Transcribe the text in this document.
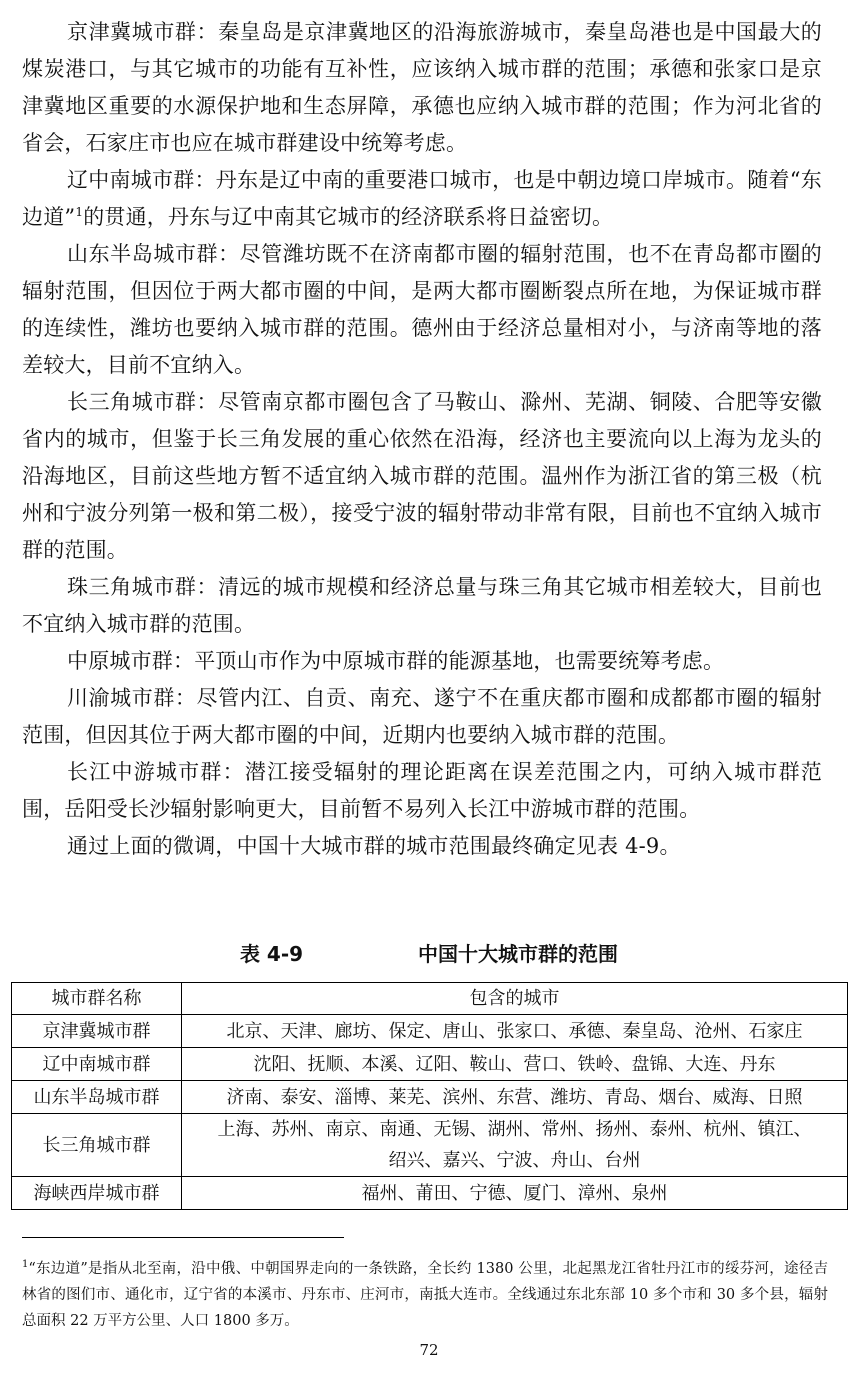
京津冀城市群：秦皇岛是京津冀地区的沿海旅游城市，秦皇岛港也是中国最大的煤炭港口，与其它城市的功能有互补性，应该纳入城市群的范围；承德和张家口是京津冀地区重要的水源保护地和生态屏障，承德也应纳入城市群的范围；作为河北省的省会，石家庄市也应在城市群建设中统筹考虑。

辽中南城市群：丹东是辽中南的重要港口城市，也是中朝边境口岸城市。随着“东边道”$^1$的贯通，丹东与辽中南其它城市的经济联系将日益密切。

山东半岛城市群：尽管潍坊既不在济南都市圈的辐射范围，也不在青岛都市圈的辐射范围，但因位于两大都市圈的中间，是两大都市圈断裂点所在地，为保证城市群的连续性，潍坊也要纳入城市群的范围。德州由于经济总量相对小，与济南等地的落差较大，目前不宜纳入。

长三角城市群：尽管南京都市圈包含了马鞍山、滁州、芜湖、铜陵、合肥等安徽省内的城市，但鉴于长三角发展的重心依然在沿海，经济也主要流向以上海为龙头的沿海地区，目前这些地方暂不适宜纳入城市群的范围。温州作为浙江省的第三极（杭州和宁波分列第一极和第二极），接受宁波的辐射带动非常有限，目前也不宜纳入城市群的范围。

珠三角城市群：清远的城市规模和经济总量与珠三角其它城市相差较大，目前也不宜纳入城市群的范围。

中原城市群：平顶山市作为中原城市群的能源基地，也需要统筹考虑。

川渝城市群：尽管内江、自贡、南充、遂宁不在重庆都市圈和成都都市圈的辐射范围，但因其位于两大都市圈的中间，近期内也要纳入城市群的范围。

长江中游城市群：潜江接受辐射的理论距离在误差范围之内，可纳入城市群范围，岳阳受长沙辐射影响更大，目前暂不易列入长江中游城市群的范围。

通过上面的微调，中国十大城市群的城市范围最终确定见表 4-9。

表 4-9	中国十大城市群的范围
城市群名称	包含的城市
京津冀城市群	北京、天津、廊坊、保定、唐山、张家口、承德、秦皇岛、沧州、石家庄
辽中南城市群	沈阳、抚顺、本溪、辽阳、鞍山、营口、铁岭、盘锦、大连、丹东
山东半岛城市群	济南、泰安、淄博、莱芜、滨州、东营、潍坊、青岛、烟台、威海、日照
长三角城市群	上海、苏州、南京、南通、无锡、湖州、常州、扬州、泰州、杭州、镇江、
绍兴、嘉兴、宁波、舟山、台州

海峡西岸城市群	福州、莆田、宁德、厦门、漳州、泉州

$^1$“东边道”是指从北至南，沿中俄、中朝国界走向的一条铁路，全长约 1380 公里，北起黑龙江省牡丹江市的绥芬河，途径吉林省的图们市、通化市，辽宁省的本溪市、丹东市、庄河市，南抵大连市。全线通过东北东部 10 多个市和 30 多个县，辐射总面积 22 万平方公里、人口 1800 多万。

72
